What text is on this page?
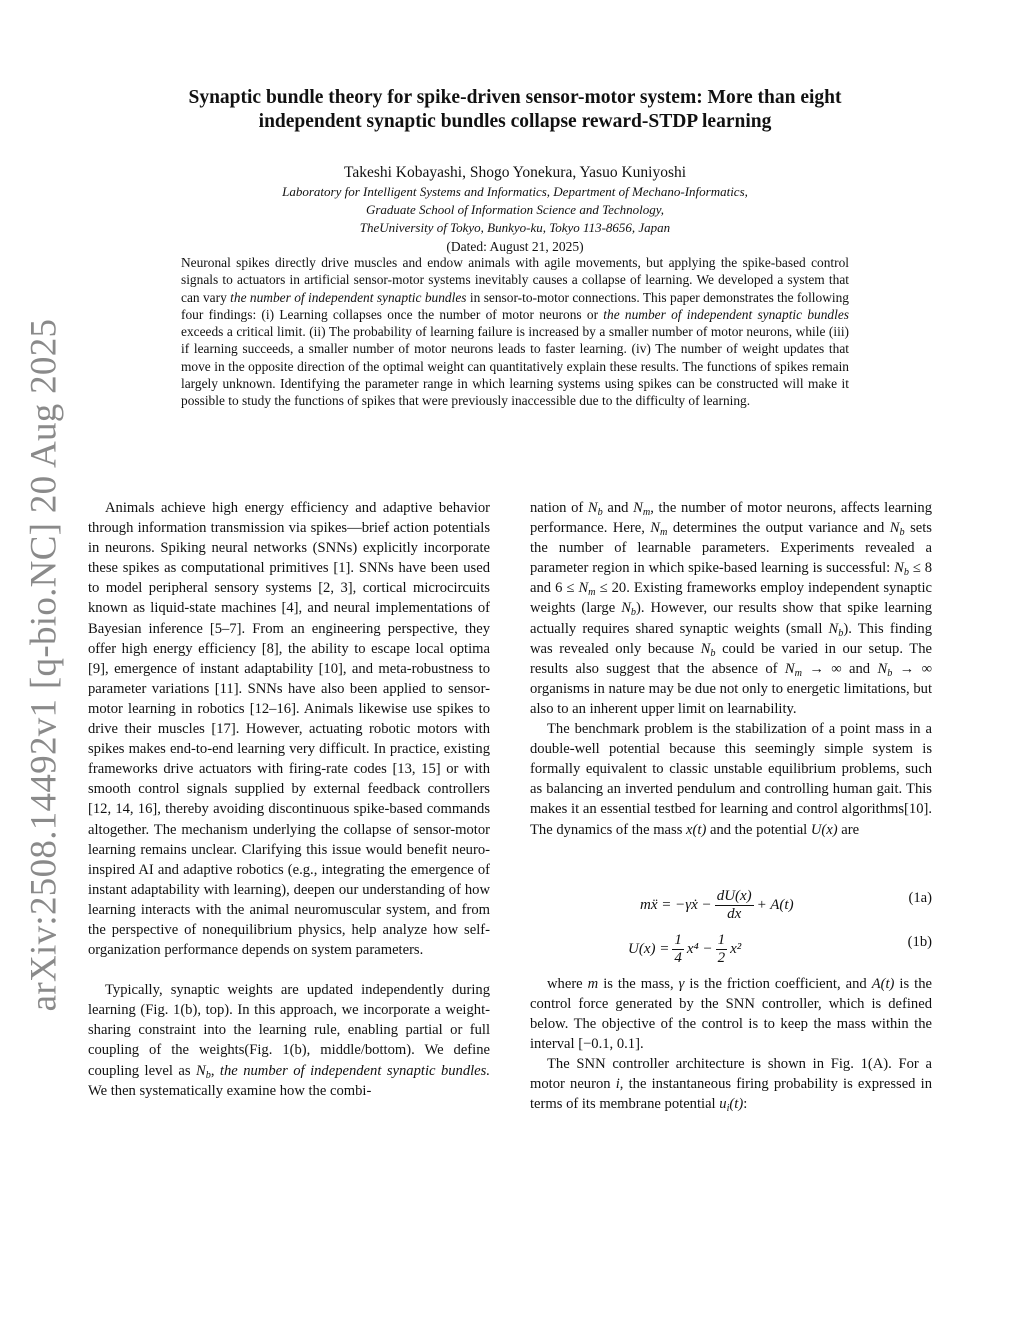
arXiv:2508.14492v1 [q-bio.NC] 20 Aug 2025
Synaptic bundle theory for spike-driven sensor-motor system: More than eight
independent synaptic bundles collapse reward-STDP learning
Takeshi Kobayashi, Shogo Yonekura, Yasuo Kuniyoshi
Laboratory for Intelligent Systems and Informatics, Department of Mechano-Informatics,
Graduate School of Information Science and Technology,
TheUniversity of Tokyo, Bunkyo-ku, Tokyo 113-8656, Japan
(Dated: August 21, 2025)

Neuronal spikes directly drive muscles and endow animals with agile movements, but applying the spike-based control signals to actuators in artificial sensor-motor systems inevitably causes a collapse of learning. We developed a system that can vary the number of independent synaptic bundles in sensor-to-motor connections. This paper demonstrates the following four findings: (i) Learning collapses once the number of motor neurons or the number of independent synaptic bundles exceeds a critical limit. (ii) The probability of learning failure is increased by a smaller number of motor neurons, while (iii) if learning succeeds, a smaller number of motor neurons leads to faster learning. (iv) The number of weight updates that move in the opposite direction of the optimal weight can quantitatively explain these results. The functions of spikes remain largely unknown. Identifying the parameter range in which learning systems using spikes can be constructed will make it possible to study the functions of spikes that were previously inaccessible due to the difficulty of learning.

Animals achieve high energy efficiency and adaptive behavior through information transmission via spikes—brief action potentials in neurons. Spiking neural networks (SNNs) explicitly incorporate these spikes as computational primitives [1]. SNNs have been used to model peripheral sensory systems [2, 3], cortical microcircuits known as liquid-state machines [4], and neural implementations of Bayesian inference [5–7]. From an engineering perspective, they offer high energy efficiency [8], the ability to escape local optima [9], emergence of instant adaptability [10], and meta-robustness to parameter variations [11]. SNNs have also been applied to sensor-motor learning in robotics [12–16]. Animals likewise use spikes to drive their muscles [17]. However, actuating robotic motors with spikes makes end-to-end learning very difficult. In practice, existing frameworks drive actuators with firing-rate codes [13, 15] or with smooth control signals supplied by external feedback controllers [12, 14, 16], thereby avoiding discontinuous spike-based commands altogether. The mechanism underlying the collapse of sensor-motor learning remains unclear. Clarifying this issue would benefit neuro-inspired AI and adaptive robotics (e.g., integrating the emergence of instant adaptability with learning), deepen our understanding of how learning interacts with the animal neuromuscular system, and from the perspective of nonequilibrium physics, help analyze how self-organization performance depends on system parameters.

Typically, synaptic weights are updated independently during learning (Fig. 1(b), top). In this approach, we incorporate a weight-sharing constraint into the learning rule, enabling partial or full coupling of the weights(Fig. 1(b), middle/bottom). We define coupling level as $N_b$, the number of independent synaptic bundles. We then systematically examine how the combi-

nation of $N_b$ and $N_m$, the number of motor neurons, affects learning performance. Here, $N_m$ determines the output variance and $N_b$ sets the number of learnable parameters. Experiments revealed a parameter region in which spike-based learning is successful: $N_b \le 8$ and $6 \le N_m \le 20$. Existing frameworks employ independent synaptic weights (large $N_b$). However, our results show that spike learning actually requires shared synaptic weights (small $N_b$). This finding was revealed only because $N_b$ could be varied in our setup. The results also suggest that the absence of $N_m$ → ∞ and $N_b$ → ∞ organisms in nature may be due not only to energetic limitations, but also to an inherent upper limit on learnability.

The benchmark problem is the stabilization of a point mass in a double-well potential because this seemingly simple system is formally equivalent to classic unstable equilibrium problems, such as balancing an inverted pendulum and controlling human gait. This makes it an essential testbed for learning and control algorithms[10]. The dynamics of the mass x(t) and the potential U(x) are

mẍ = −γẋ − $\frac{dU(x)}{dx} + A(t)$	(1a)
$U(x) = \frac{1}{4} x^4 - \frac{1}{2} x^2$	(1b)

where m is the mass, γ is the friction coefficient, and A(t) is the control force generated by the SNN controller, which is defined below. The objective of the control is to keep the mass within the interval [−0.1, 0.1].

The SNN controller architecture is shown in Fig. 1(A). For a motor neuron i, the instantaneous firing probability is expressed in terms of its membrane potential $u_i(t)$:
